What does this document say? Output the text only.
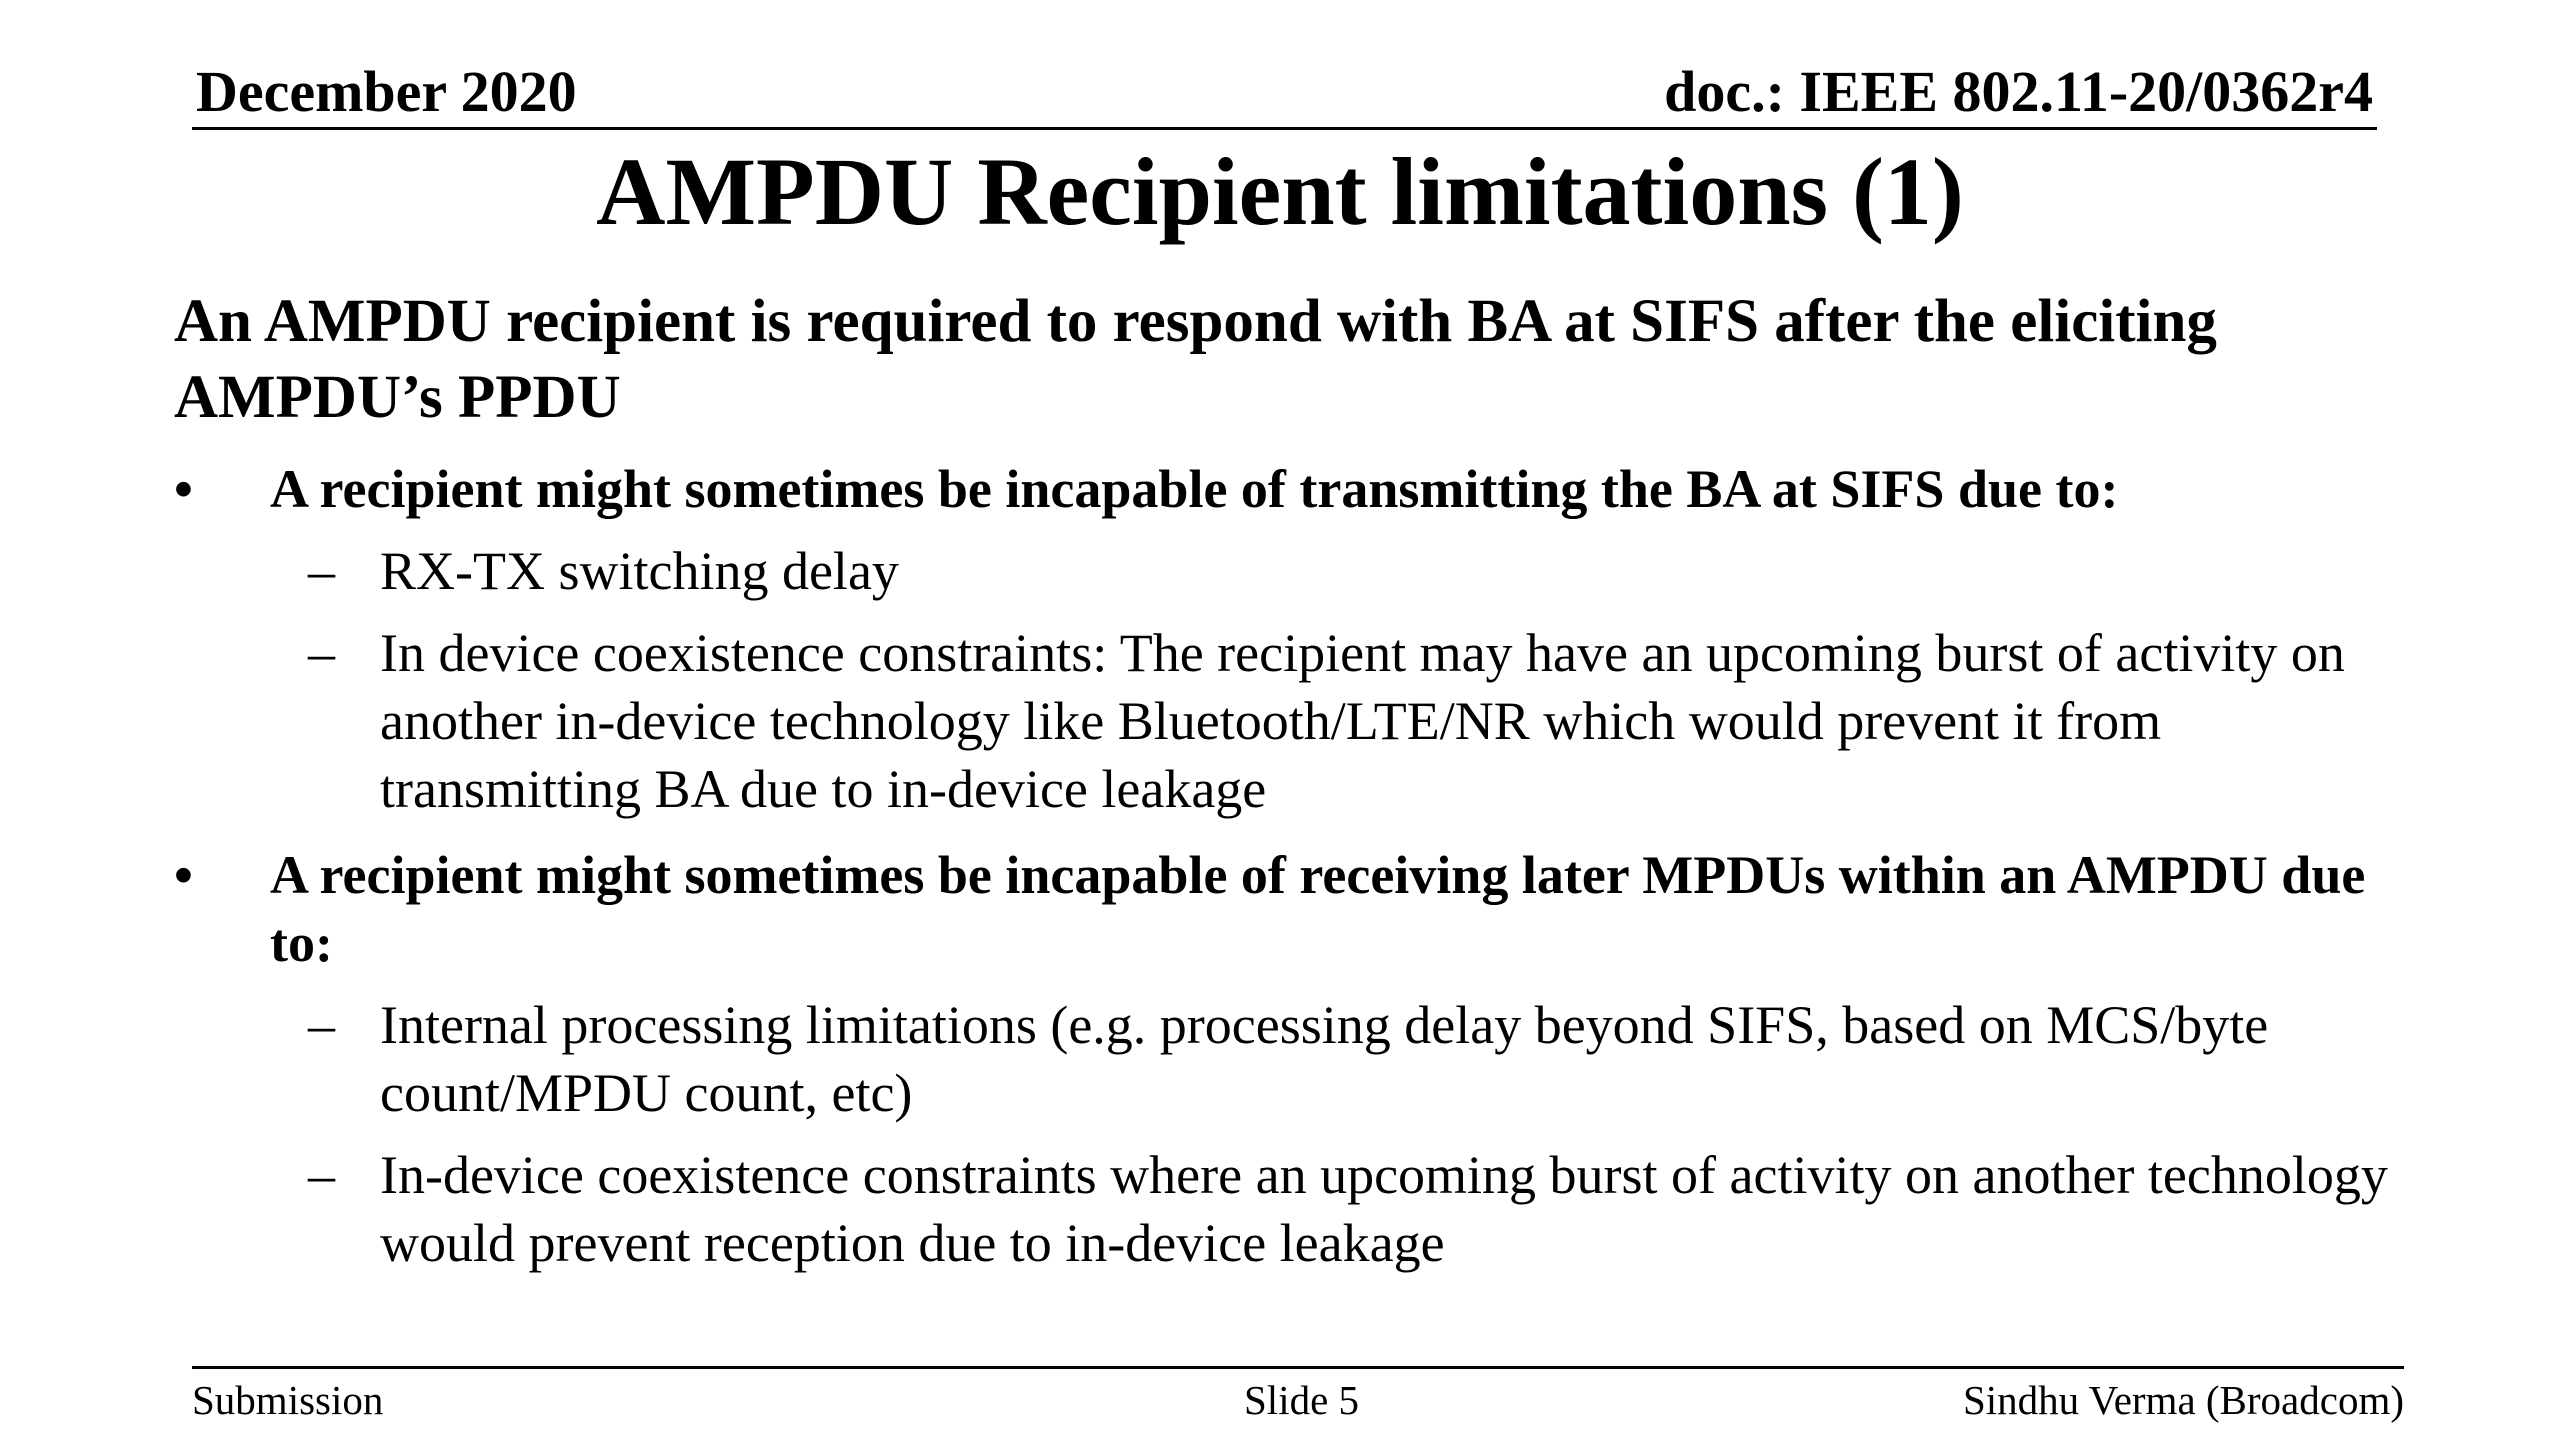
December 2020	doc.: IEEE 802.11-20/0362r4
AMPDU Recipient limitations (1)
An AMPDU recipient is required to respond with BA at SIFS after the eliciting AMPDU’s PPDU
•	A recipient might sometimes be incapable of transmitting the BA at SIFS due to:
– RX-TX switching delay
– In device coexistence constraints: The recipient may have an upcoming burst of activity on another in-device technology like Bluetooth/LTE/NR which would prevent it from transmitting BA due to in-device leakage
•	A recipient might sometimes be incapable of receiving later MPDUs within an AMPDU due to:
– Internal processing limitations (e.g. processing delay beyond SIFS, based on MCS/byte count/MPDU count, etc)
– In-device coexistence constraints where an upcoming burst of activity on another technology would prevent reception due to in-device leakage
Submission	Slide 5	Sindhu Verma (Broadcom)
